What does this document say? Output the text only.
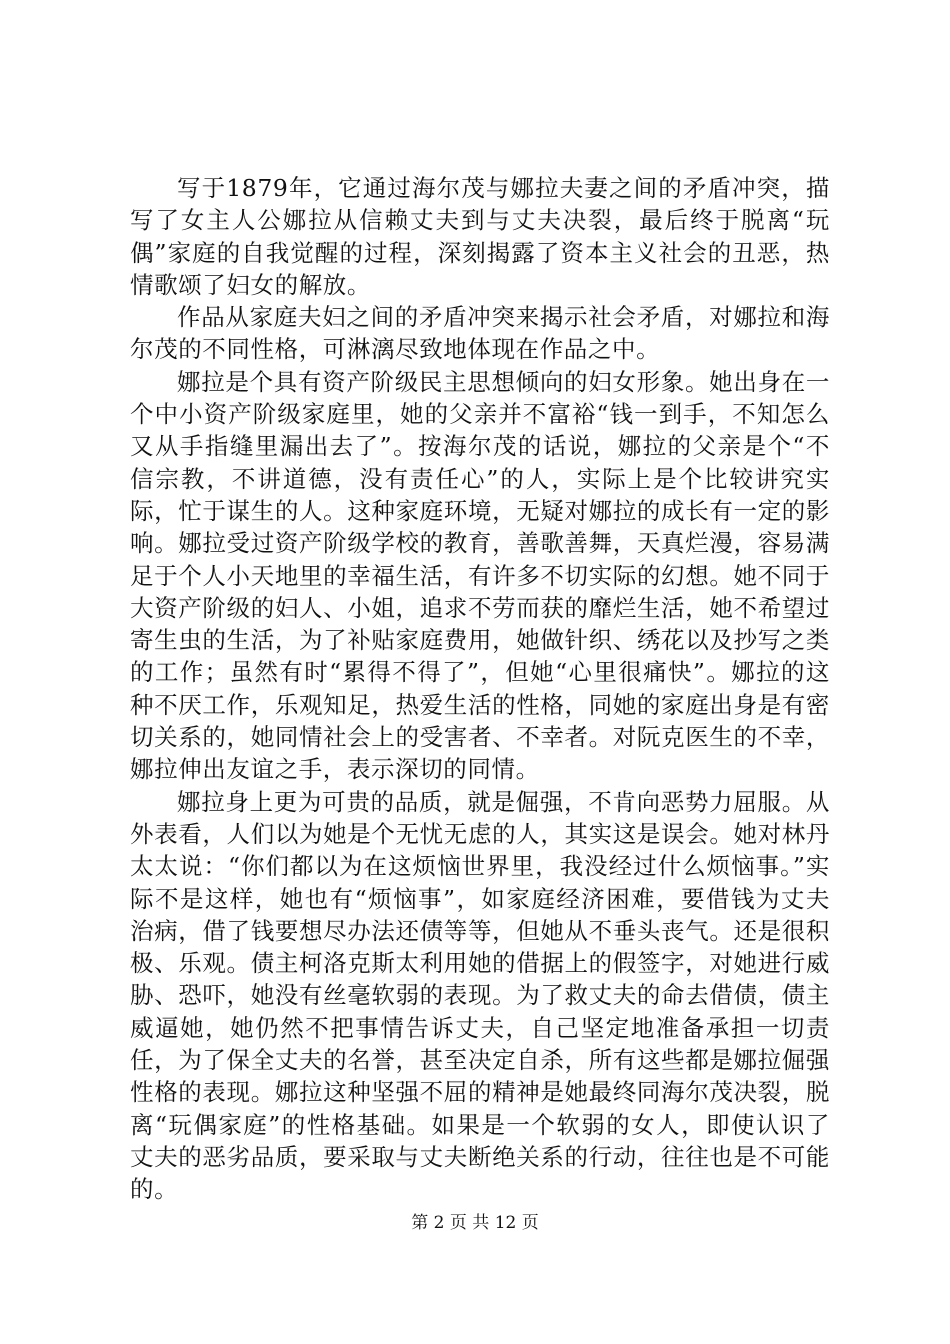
写于1879年，它通过海尔茂与娜拉夫妻之间的矛盾冲突，描写了女主人公娜拉从信赖丈夫到与丈夫决裂，最后终于脱离“玩偶”家庭的自我觉醒的过程，深刻揭露了资本主义社会的丑恶，热情歌颂了妇女的解放。

作品从家庭夫妇之间的矛盾冲突来揭示社会矛盾，对娜拉和海尔茂的不同性格，可淋漓尽致地体现在作品之中。

娜拉是个具有资产阶级民主思想倾向的妇女形象。她出身在一个中小资产阶级家庭里，她的父亲并不富裕“钱一到手，不知怎么又从手指缝里漏出去了”。按海尔茂的话说，娜拉的父亲是个“不信宗教，不讲道德，没有责任心”的人，实际上是个比较讲究实际，忙于谋生的人。这种家庭环境，无疑对娜拉的成长有一定的影响。娜拉受过资产阶级学校的教育，善歌善舞，天真烂漫，容易满足于个人小天地里的幸福生活，有许多不切实际的幻想。她不同于大资产阶级的妇人、小姐，追求不劳而获的靡烂生活，她不希望过寄生虫的生活，为了补贴家庭费用，她做针织、绣花以及抄写之类的工作；虽然有时“累得不得了”，但她“心里很痛快”。娜拉的这种不厌工作，乐观知足，热爱生活的性格，同她的家庭出身是有密切关系的，她同情社会上的受害者、不幸者。对阮克医生的不幸，娜拉伸出友谊之手，表示深切的同情。

娜拉身上更为可贵的品质，就是倔强，不肯向恶势力屈服。从外表看，人们以为她是个无忧无虑的人，其实这是误会。她对林丹太太说：“你们都以为在这烦恼世界里，我没经过什么烦恼事。”实际不是这样，她也有“烦恼事”，如家庭经济困难，要借钱为丈夫治病，借了钱要想尽办法还债等等，但她从不垂头丧气。还是很积极、乐观。债主柯洛克斯太利用她的借据上的假签字，对她进行威胁、恐吓，她没有丝毫软弱的表现。为了救丈夫的命去借债，债主威逼她，她仍然不把事情告诉丈夫，自己坚定地准备承担一切责任，为了保全丈夫的名誉，甚至决定自杀，所有这些都是娜拉倔强性格的表现。娜拉这种坚强不屈的精神是她最终同海尔茂决裂，脱离“玩偶家庭”的性格基础。如果是一个软弱的女人，即使认识了丈夫的恶劣品质，要采取与丈夫断绝关系的行动，往往也是不可能的。

第 2 页 共 12 页
